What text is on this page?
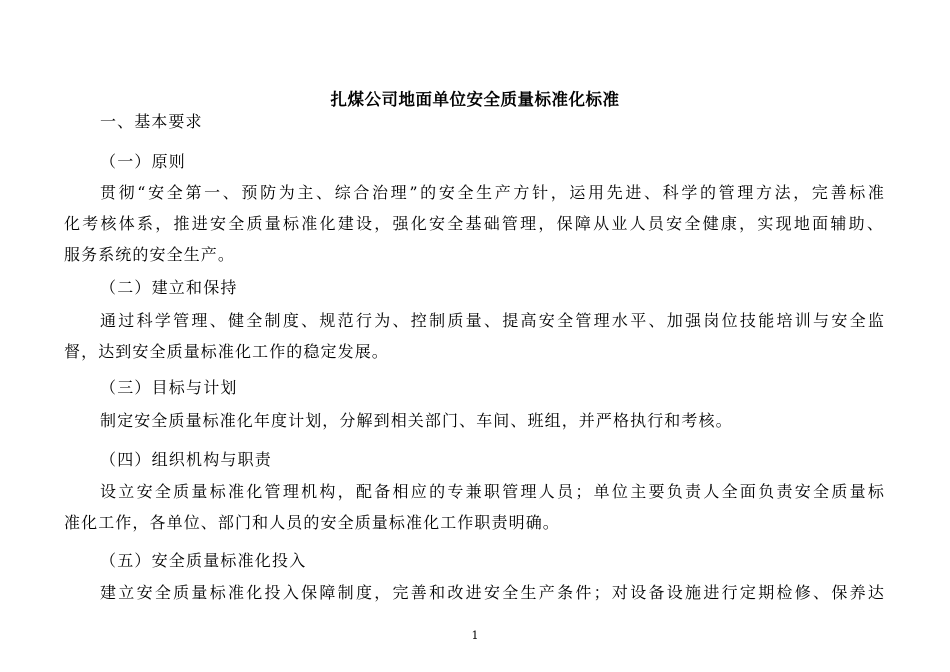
扎煤公司地面单位安全质量标准化标准
一、基本要求
（一）原则
贯彻“安全第一、预防为主、综合治理”的安全生产方针，运用先进、科学的管理方法，完善标准
化考核体系，推进安全质量标准化建设，强化安全基础管理，保障从业人员安全健康，实现地面辅助、
服务系统的安全生产。
（二）建立和保持
通过科学管理、健全制度、规范行为、控制质量、提高安全管理水平、加强岗位技能培训与安全监
督，达到安全质量标准化工作的稳定发展。
（三）目标与计划
制定安全质量标准化年度计划，分解到相关部门、车间、班组，并严格执行和考核。
（四）组织机构与职责
设立安全质量标准化管理机构，配备相应的专兼职管理人员；单位主要负责人全面负责安全质量标
准化工作，各单位、部门和人员的安全质量标准化工作职责明确。
（五）安全质量标准化投入
建立安全质量标准化投入保障制度，完善和改进安全生产条件；对设备设施进行定期检修、保养达
1
